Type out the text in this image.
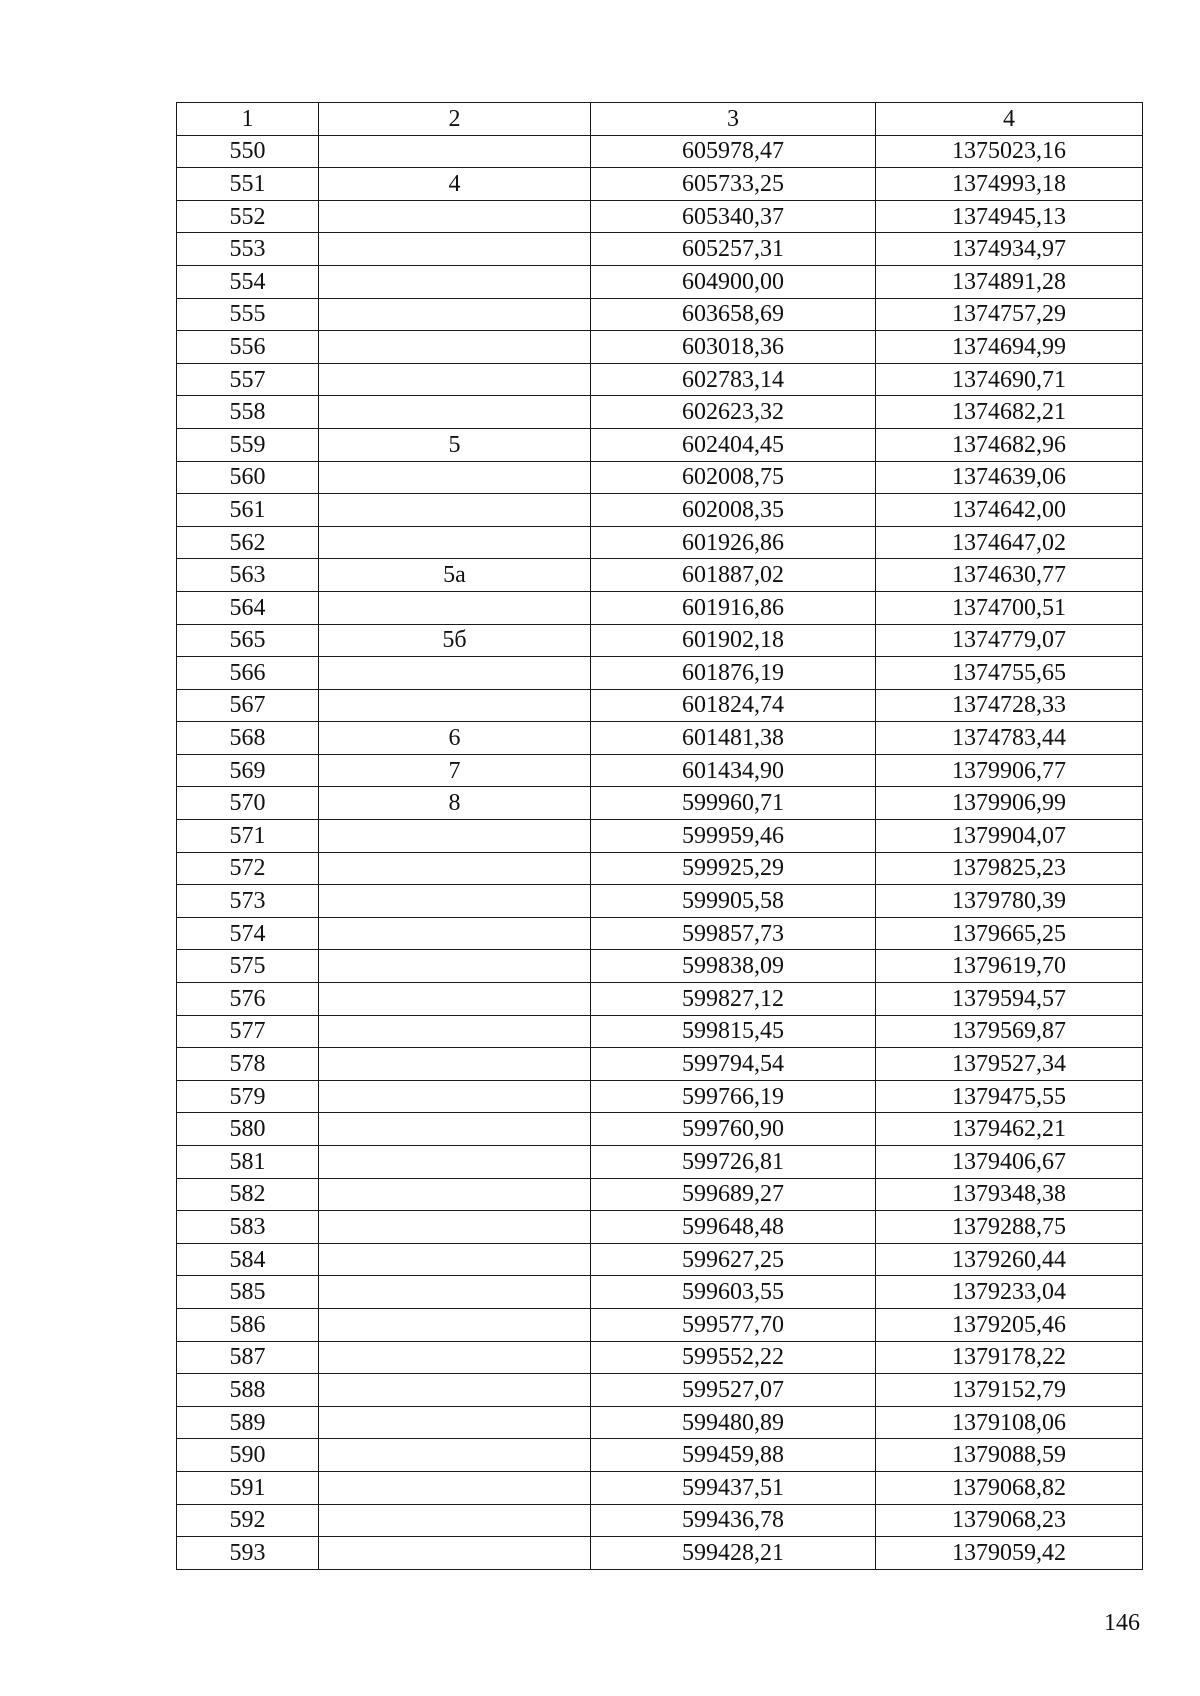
1	2	3	4
550		605978,47	1375023,16
551	4	605733,25	1374993,18
552		605340,37	1374945,13
553		605257,31	1374934,97
554		604900,00	1374891,28
555		603658,69	1374757,29
556		603018,36	1374694,99
557		602783,14	1374690,71
558		602623,32	1374682,21
559	5	602404,45	1374682,96
560		602008,75	1374639,06
561		602008,35	1374642,00
562		601926,86	1374647,02
563	5а	601887,02	1374630,77
564		601916,86	1374700,51
565	5б	601902,18	1374779,07
566		601876,19	1374755,65
567		601824,74	1374728,33
568	6	601481,38	1374783,44
569	7	601434,90	1379906,77
570	8	599960,71	1379906,99
571		599959,46	1379904,07
572		599925,29	1379825,23
573		599905,58	1379780,39
574		599857,73	1379665,25
575		599838,09	1379619,70
576		599827,12	1379594,57
577		599815,45	1379569,87
578		599794,54	1379527,34
579		599766,19	1379475,55
580		599760,90	1379462,21
581		599726,81	1379406,67
582		599689,27	1379348,38
583		599648,48	1379288,75
584		599627,25	1379260,44
585		599603,55	1379233,04
586		599577,70	1379205,46
587		599552,22	1379178,22
588		599527,07	1379152,79
589		599480,89	1379108,06
590		599459,88	1379088,59
591		599437,51	1379068,82
592		599436,78	1379068,23
593		599428,21	1379059,42
146
